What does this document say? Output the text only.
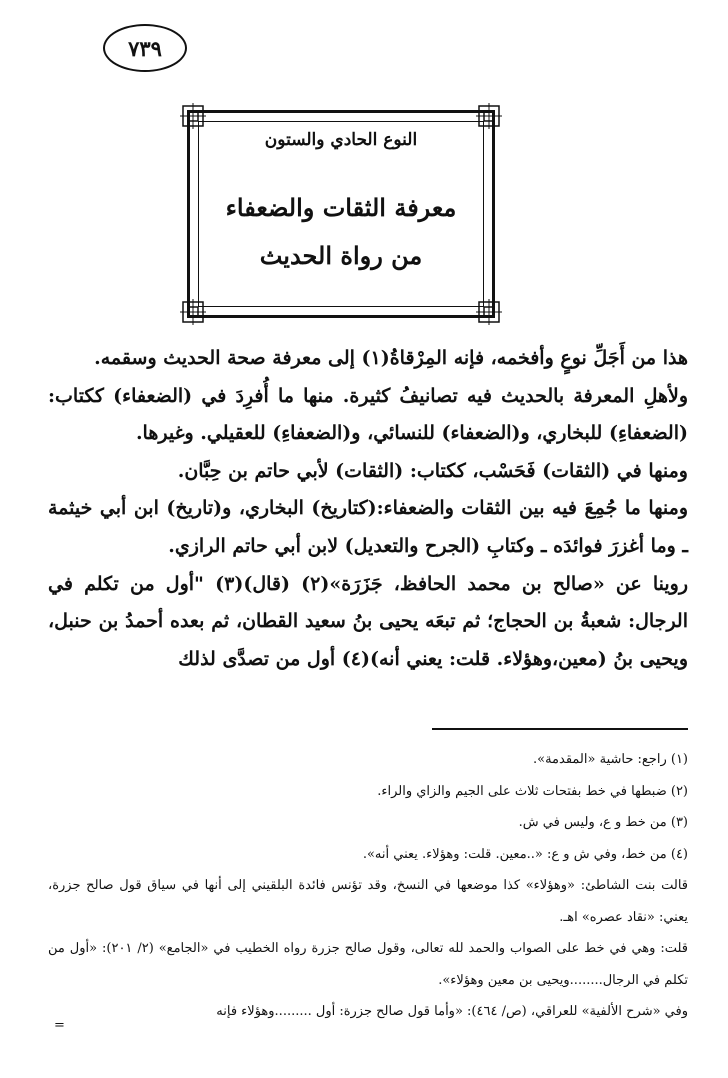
٧٣٩
النوع الحادي والستون
معرفة الثقات والضعفاء
من رواة الحديث

هذا من أَجَلِّ نوعٍ وأفخمه، فإنه المِرْقاةُ(١) إلى معرفة صحة الحديث وسقمه.

ولأهلِ المعرفة بالحديث فيه تصانيفُ كثيرة. منها ما أُفرِدَ في (الضعفاء) ككتاب: (الضعفاءِ) للبخاري، و(الضعفاء) للنسائي، و(الضعفاءِ) للعقيلي. وغيرها.

ومنها في (الثقات) فَحَسْب، ككتاب: (الثقات) لأبي حاتم بن حِبَّان.

ومنها ما جُمِعَ فيه بين الثقات والضعفاء:(كتاريخ) البخاري، و(تاريخ) ابن أبي خيثمة ـ وما أغزرَ فوائدَه ـ وكتابِ (الجرح والتعديل) لابن أبي حاتم الرازي.

روينا عن «صالح بن محمد الحافظ، جَزَرَة»(٢) (قال)(٣) "أول من تكلم في الرجال: شعبةُ بن الحجاج؛ ثم تبعَه يحيى بنُ سعيد القطان، ثم بعده أحمدُ بن حنبل، ويحيى بنُ (معين،وهؤلاء. قلت: يعني أنه)(٤) أول من تصدَّى لذلك

(١) راجع: حاشية «المقدمة».

(٢) ضبطها في خط بفتحات ثلاث على الجيم والزاي والراء.

(٣) من خط و ع، وليس في ش.

(٤) من خط، وفي ش و ع: «..معين. قلت: وهؤلاء. يعني أنه».

قالت بنت الشاطئ: «وهؤلاء» كذا موضعها في النسخ، وقد تؤنس فائدة البلقيني إلى أنها في سياق قول صالح جزرة، يعني: «نقاد عصره» اهـ.

قلت: وهي في خط على الصواب والحمد لله تعالى، وقول صالح جزرة رواه الخطيب في «الجامع» (٢/ ٢٠١): «أول من تكلم في الرجال........ويحيى بن معين وهؤلاء».

وفي «شرح الألفية» للعراقي، (ص/ ٤٦٤): «وأما قول صالح جزرة: أول .........وهؤلاء فإنه

=
